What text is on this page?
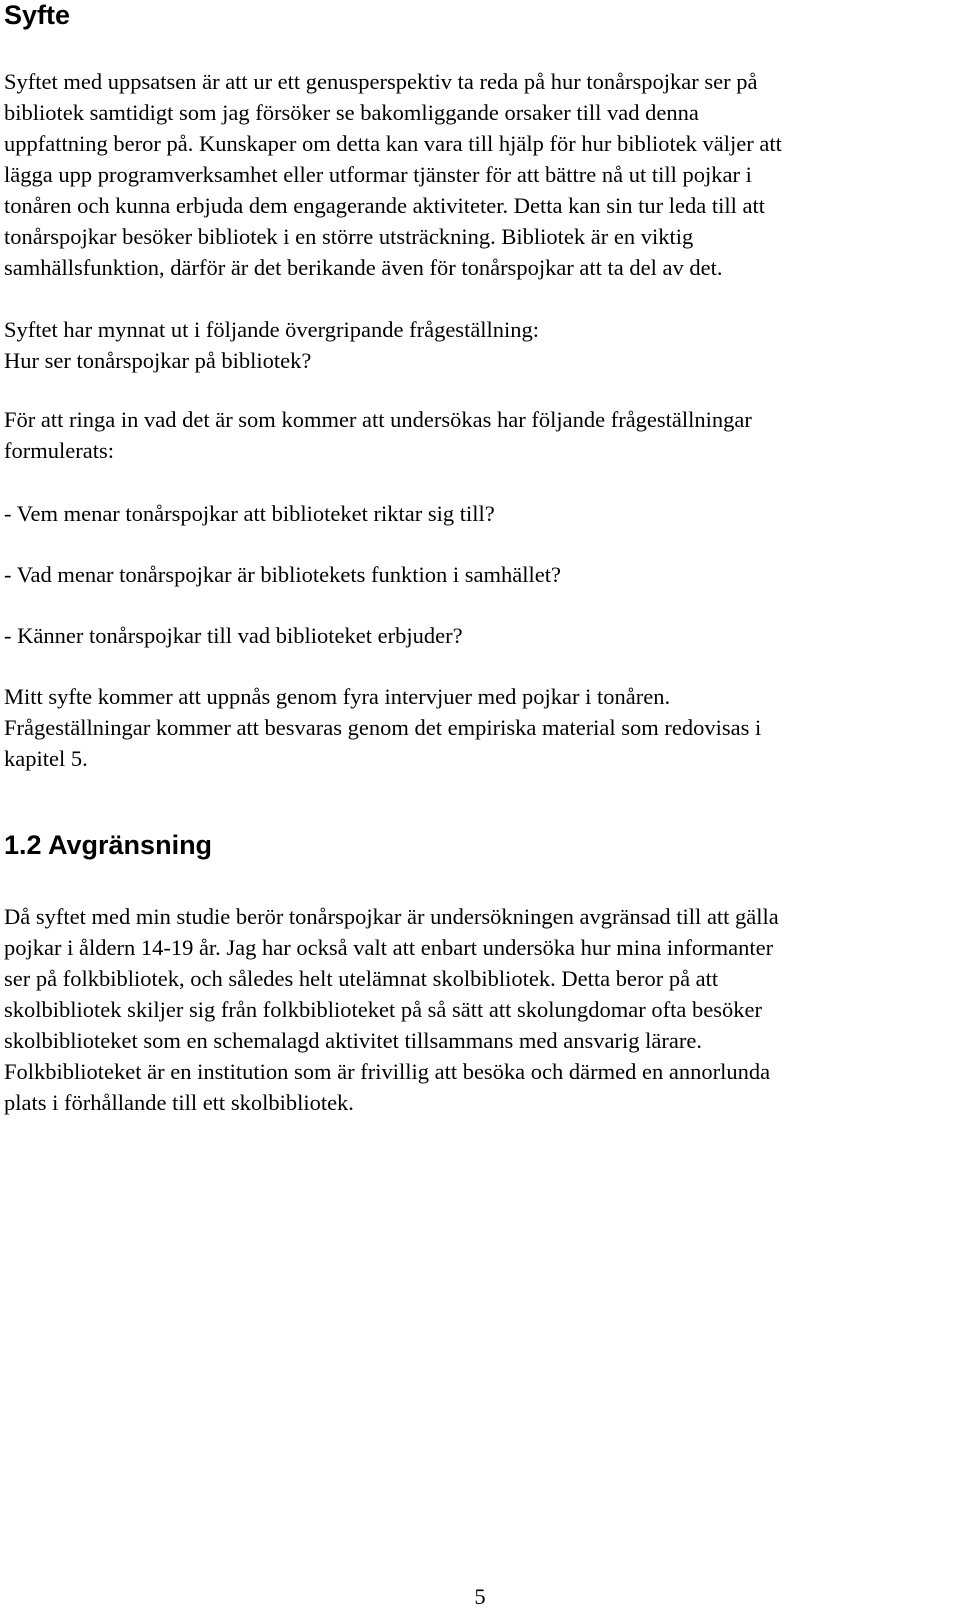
Syfte

Syftet med uppsatsen är att ur ett genusperspektiv ta reda på hur tonårspojkar ser på
bibliotek samtidigt som jag försöker se bakomliggande orsaker till vad denna
uppfattning beror på. Kunskaper om detta kan vara till hjälp för hur bibliotek väljer att
lägga upp programverksamhet eller utformar tjänster för att bättre nå ut till pojkar i
tonåren och kunna erbjuda dem engagerande aktiviteter. Detta kan sin tur leda till att
tonårspojkar besöker bibliotek i en större utsträckning. Bibliotek är en viktig
samhällsfunktion, därför är det berikande även för tonårspojkar att ta del av det.

Syftet har mynnat ut i följande övergripande frågeställning:
Hur ser tonårspojkar på bibliotek?

För att ringa in vad det är som kommer att undersökas har följande frågeställningar
formulerats:

- Vem menar tonårspojkar att biblioteket riktar sig till?

- Vad menar tonårspojkar är bibliotekets funktion i samhället?

- Känner tonårspojkar till vad biblioteket erbjuder?

Mitt syfte kommer att uppnås genom fyra intervjuer med pojkar i tonåren.
Frågeställningar kommer att besvaras genom det empiriska material som redovisas i
kapitel 5.

1.2 Avgränsning

Då syftet med min studie berör tonårspojkar är undersökningen avgränsad till att gälla
pojkar i åldern 14-19 år. Jag har också valt att enbart undersöka hur mina informanter
ser på folkbibliotek, och således helt utelämnat skolbibliotek. Detta beror på att
skolbibliotek skiljer sig från folkbiblioteket på så sätt att skolungdomar ofta besöker
skolbiblioteket som en schemalagd aktivitet tillsammans med ansvarig lärare.
Folkbiblioteket är en institution som är frivillig att besöka och därmed en annorlunda
plats i förhållande till ett skolbibliotek.

5
